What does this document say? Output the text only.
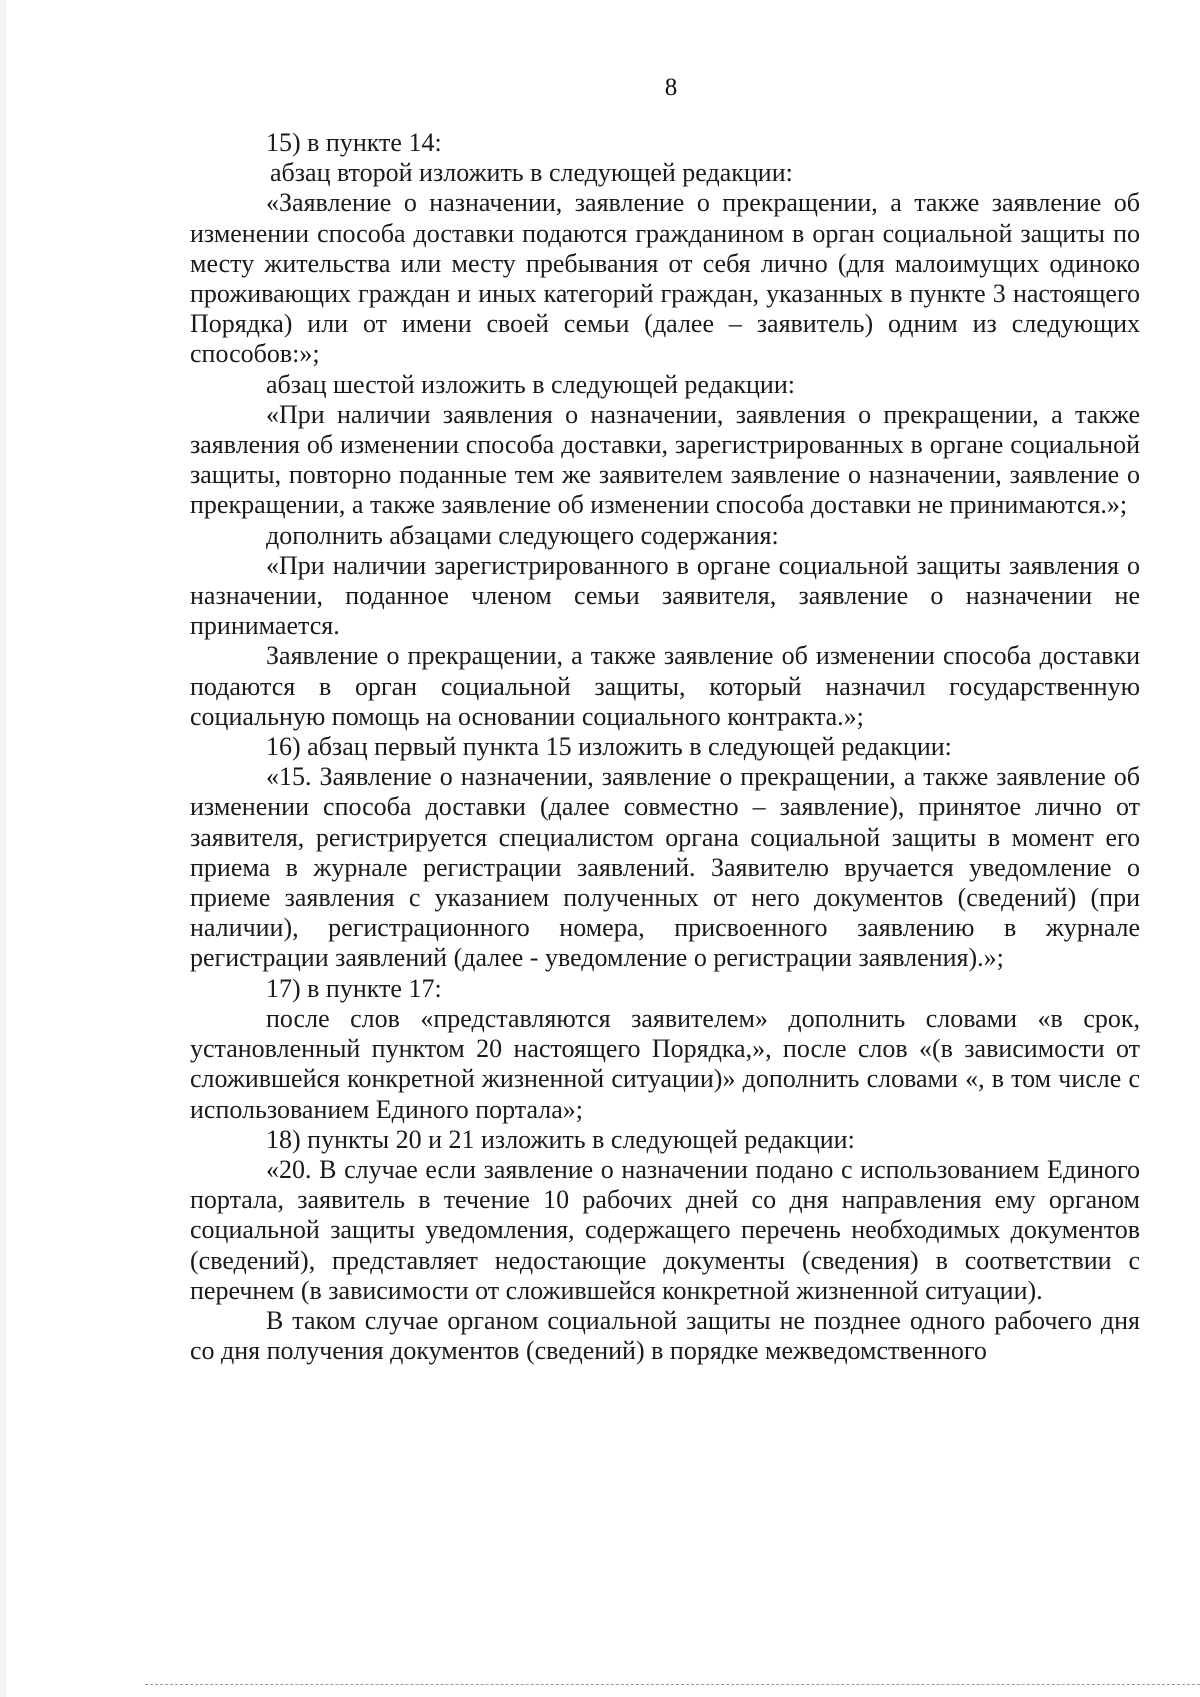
8

15) в пункте 14:

абзац второй изложить в следующей редакции:

«Заявление о назначении, заявление о прекращении, а также заявление об изменении способа доставки подаются гражданином в орган социальной защиты по месту жительства или месту пребывания от себя лично (для малоимущих одиноко проживающих граждан и иных категорий граждан, указанных в пункте 3 настоящего Порядка) или от имени своей семьи (далее – заявитель) одним из следующих способов:»;

абзац шестой изложить в следующей редакции:

«При наличии заявления о назначении, заявления о прекращении, а также заявления об изменении способа доставки, зарегистрированных в органе социальной защиты, повторно поданные тем же заявителем заявление о назначении, заявление о прекращении, а также заявление об изменении способа доставки не принимаются.»;

дополнить абзацами следующего содержания:

«При наличии зарегистрированного в органе социальной защиты заявления о назначении, поданное членом семьи заявителя, заявление о назначении не принимается.

Заявление о прекращении, а также заявление об изменении способа доставки подаются в орган социальной защиты, который назначил государственную социальную помощь на основании социального контракта.»;

16) абзац первый пункта 15 изложить в следующей редакции:

«15. Заявление о назначении, заявление о прекращении, а также заявление об изменении способа доставки (далее совместно – заявление), принятое лично от заявителя, регистрируется специалистом органа социальной защиты в момент его приема в журнале регистрации заявлений. Заявителю вручается уведомление о приеме заявления с указанием полученных от него документов (сведений) (при наличии), регистрационного номера, присвоенного заявлению в журнале регистрации заявлений (далее - уведомление о регистрации заявления).»;

17) в пункте 17:

после слов «представляются заявителем» дополнить словами «в срок, установленный пунктом 20 настоящего Порядка,», после слов «(в зависимости от сложившейся конкретной жизненной ситуации)» дополнить словами «, в том числе с использованием Единого портала»;

18) пункты 20 и 21 изложить в следующей редакции:

«20. В случае если заявление о назначении подано с использованием Единого портала, заявитель в течение 10 рабочих дней со дня направления ему органом социальной защиты уведомления, содержащего перечень необходимых документов (сведений), представляет недостающие документы (сведения) в соответствии с перечнем (в зависимости от сложившейся конкретной жизненной ситуации).

В таком случае органом социальной защиты не позднее одного рабочего дня со дня получения документов (сведений) в порядке межведомственного
